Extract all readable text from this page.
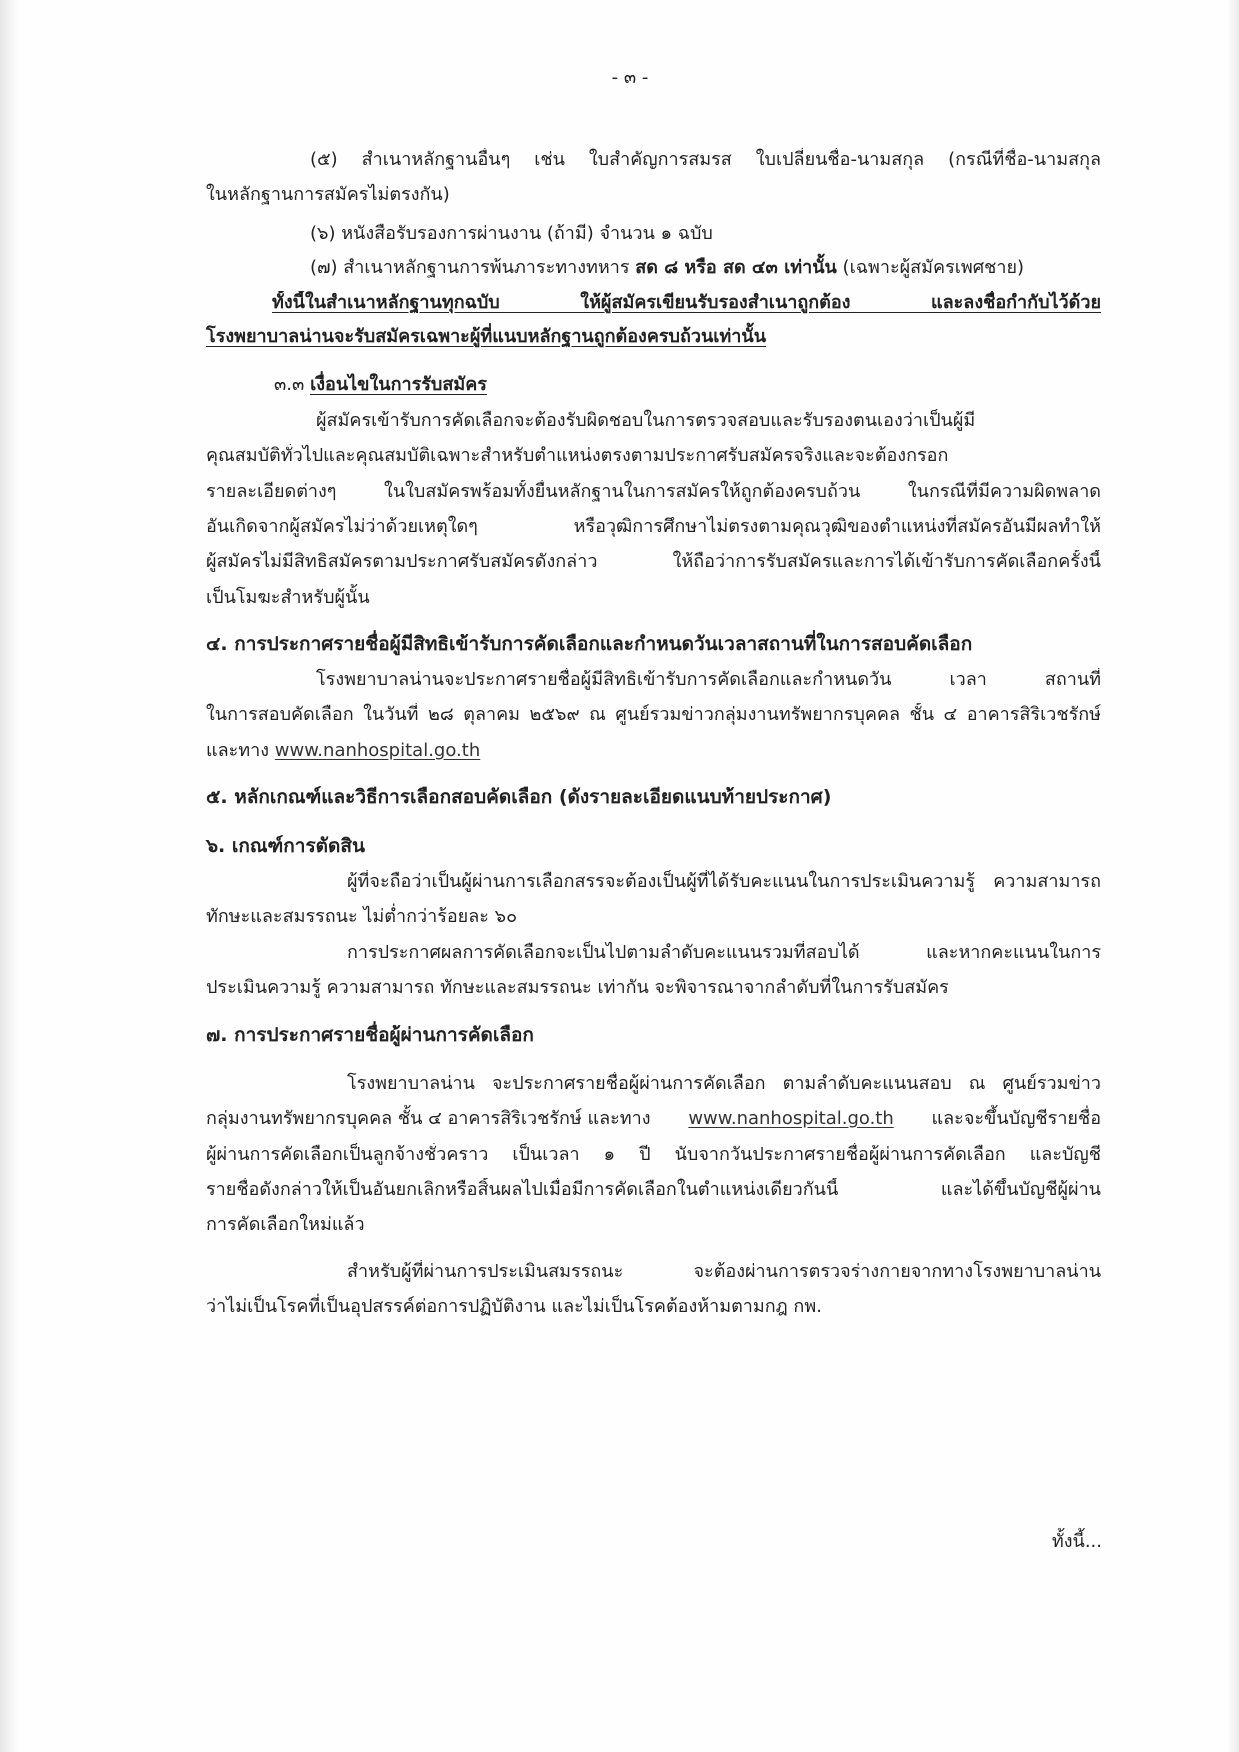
- ๓ -
(๕) สำเนาหลักฐานอื่นๆ เช่น ใบสำคัญการสมรส ใบเปลี่ยนชื่อ-นามสกุล (กรณีที่ชื่อ-นามสกุล
ในหลักฐานการสมัครไม่ตรงกัน)
(๖) หนังสือรับรองการผ่านงาน (ถ้ามี) จำนวน ๑ ฉบับ
(๗) สำเนาหลักฐานการพ้นภาระทางทหาร สด ๘ หรือ สด ๔๓ เท่านั้น (เฉพาะผู้สมัครเพศชาย)
ทั้งนี้ในสำเนาหลักฐานทุกฉบับ ให้ผู้สมัครเขียนรับรองสำเนาถูกต้อง และลงชื่อกำกับไว้ด้วย
โรงพยาบาลน่านจะรับสมัครเฉพาะผู้ที่แนบหลักฐานถูกต้องครบถ้วนเท่านั้น
๓.๓ เงื่อนไขในการรับสมัคร
ผู้สมัครเข้ารับการคัดเลือกจะต้องรับผิดชอบในการตรวจสอบและรับรองตนเองว่าเป็นผู้มี
คุณสมบัติทั่วไปและคุณสมบัติเฉพาะสำหรับตำแหน่งตรงตามประกาศรับสมัครจริงและจะต้องกรอก
รายละเอียดต่างๆ ในใบสมัครพร้อมทั้งยื่นหลักฐานในการสมัครให้ถูกต้องครบถ้วน ในกรณีที่มีความผิดพลาด
อันเกิดจากผู้สมัครไม่ว่าด้วยเหตุใดๆ หรือวุฒิการศึกษาไม่ตรงตามคุณวุฒิของตำแหน่งที่สมัครอันมีผลทำให้
ผู้สมัครไม่มีสิทธิสมัครตามประกาศรับสมัครดังกล่าว ให้ถือว่าการรับสมัครและการได้เข้ารับการคัดเลือกครั้งนี้
เป็นโมฆะสำหรับผู้นั้น
๔. การประกาศรายชื่อผู้มีสิทธิเข้ารับการคัดเลือกและกำหนดวันเวลาสถานที่ในการสอบคัดเลือก
โรงพยาบาลน่านจะประกาศรายชื่อผู้มีสิทธิเข้ารับการคัดเลือกและกำหนดวัน เวลา สถานที่
ในการสอบคัดเลือก ในวันที่ ๒๘ ตุลาคม ๒๕๖๙ ณ ศูนย์รวมข่าวกลุ่มงานทรัพยากรบุคคล ชั้น ๔ อาคารสิริเวชรักษ์
และทาง www.nanhospital.go.th
๕. หลักเกณฑ์และวิธีการเลือกสอบคัดเลือก (ดังรายละเอียดแนบท้ายประกาศ)
๖. เกณฑ์การตัดสิน
ผู้ที่จะถือว่าเป็นผู้ผ่านการเลือกสรรจะต้องเป็นผู้ที่ได้รับคะแนนในการประเมินความรู้ ความสามารถ
ทักษะและสมรรถนะ ไม่ต่ำกว่าร้อยละ ๖๐
การประกาศผลการคัดเลือกจะเป็นไปตามลำดับคะแนนรวมที่สอบได้ และหากคะแนนในการ
ประเมินความรู้ ความสามารถ ทักษะและสมรรถนะ เท่ากัน จะพิจารณาจากลำดับที่ในการรับสมัคร
๗. การประกาศรายชื่อผู้ผ่านการคัดเลือก
โรงพยาบาลน่าน จะประกาศรายชื่อผู้ผ่านการคัดเลือก ตามลำดับคะแนนสอบ ณ ศูนย์รวมข่าว
กลุ่มงานทรัพยากรบุคคล ชั้น ๔ อาคารสิริเวชรักษ์ และทาง www.nanhospital.go.th และจะขึ้นบัญชีรายชื่อ
ผู้ผ่านการคัดเลือกเป็นลูกจ้างชั่วคราว เป็นเวลา ๑ ปี นับจากวันประกาศรายชื่อผู้ผ่านการคัดเลือก และบัญชี
รายชื่อดังกล่าวให้เป็นอันยกเลิกหรือสิ้นผลไปเมื่อมีการคัดเลือกในตำแหน่งเดียวกันนี้ และได้ขึ้นบัญชีผู้ผ่าน
การคัดเลือกใหม่แล้ว
สำหรับผู้ที่ผ่านการประเมินสมรรถนะ จะต้องผ่านการตรวจร่างกายจากทางโรงพยาบาลน่าน
ว่าไม่เป็นโรคที่เป็นอุปสรรค์ต่อการปฏิบัติงาน และไม่เป็นโรคต้องห้ามตามกฎ กพ.
ทั้งนี้...
